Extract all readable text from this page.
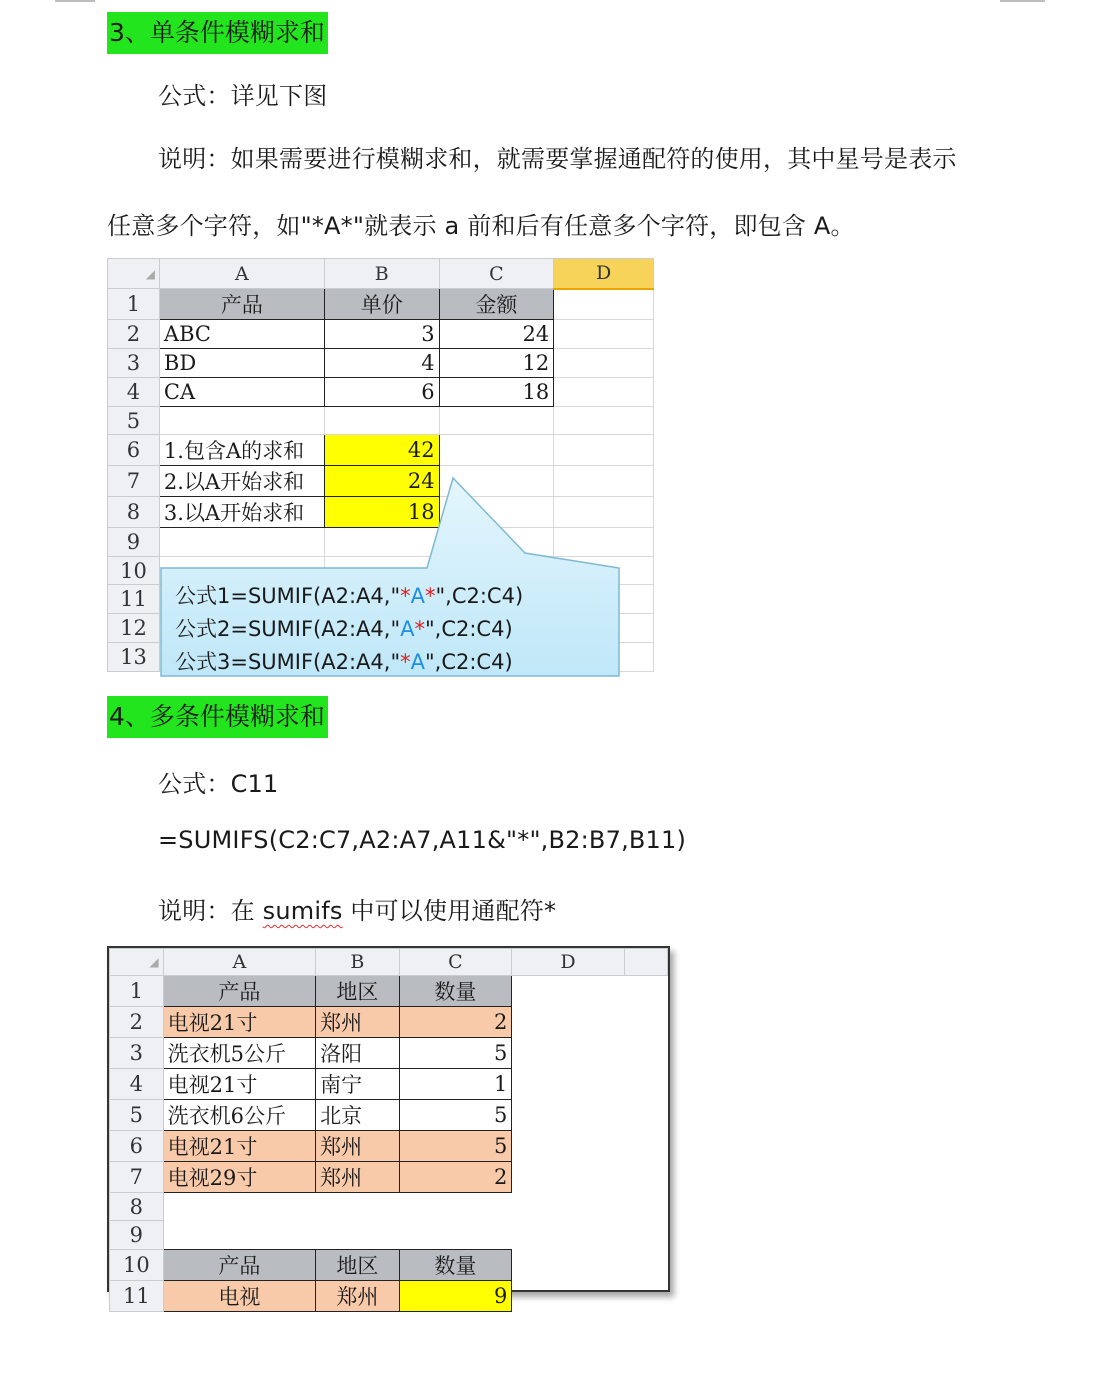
3、单条件模糊求和
公式：详见下图
说明：如果需要进行模糊求和，就需要掌握通配符的使用，其中星号是表示
任意多个字符，如"*A*"就表示 a 前和后有任意多个字符，即包含 A。
◢	A	B	C	D
1	产品	单价	金额	
2	ABC	3	24	
3	BD	4	12	
4	CA	6	18	
5				
6	1.包含A的求和	42		
7	2.以A开始求和	24		
8	3.以A开始求和	18		
9				
10				
11				
12				
13				
公式1=SUMIF(A2:A4,"*A*",C2:C4)
公式2=SUMIF(A2:A4,"A*",C2:C4)
公式3=SUMIF(A2:A4,"*A",C2:C4)
4、多条件模糊求和
公式：C11
=SUMIFS(C2:C7,A2:A7,A11&"*",B2:B7,B11)
说明：在 sumifs 中可以使用通配符*
◢	A	B	C	D	
1	产品	地区	数量		
2	电视21寸	郑州	2		
3	洗衣机5公斤	洛阳	5		
4	电视21寸	南宁	1		
5	洗衣机6公斤	北京	5		
6	电视21寸	郑州	5		
7	电视29寸	郑州	2		
8					
9					
10	产品	地区	数量		
11	电视	郑州	9		
